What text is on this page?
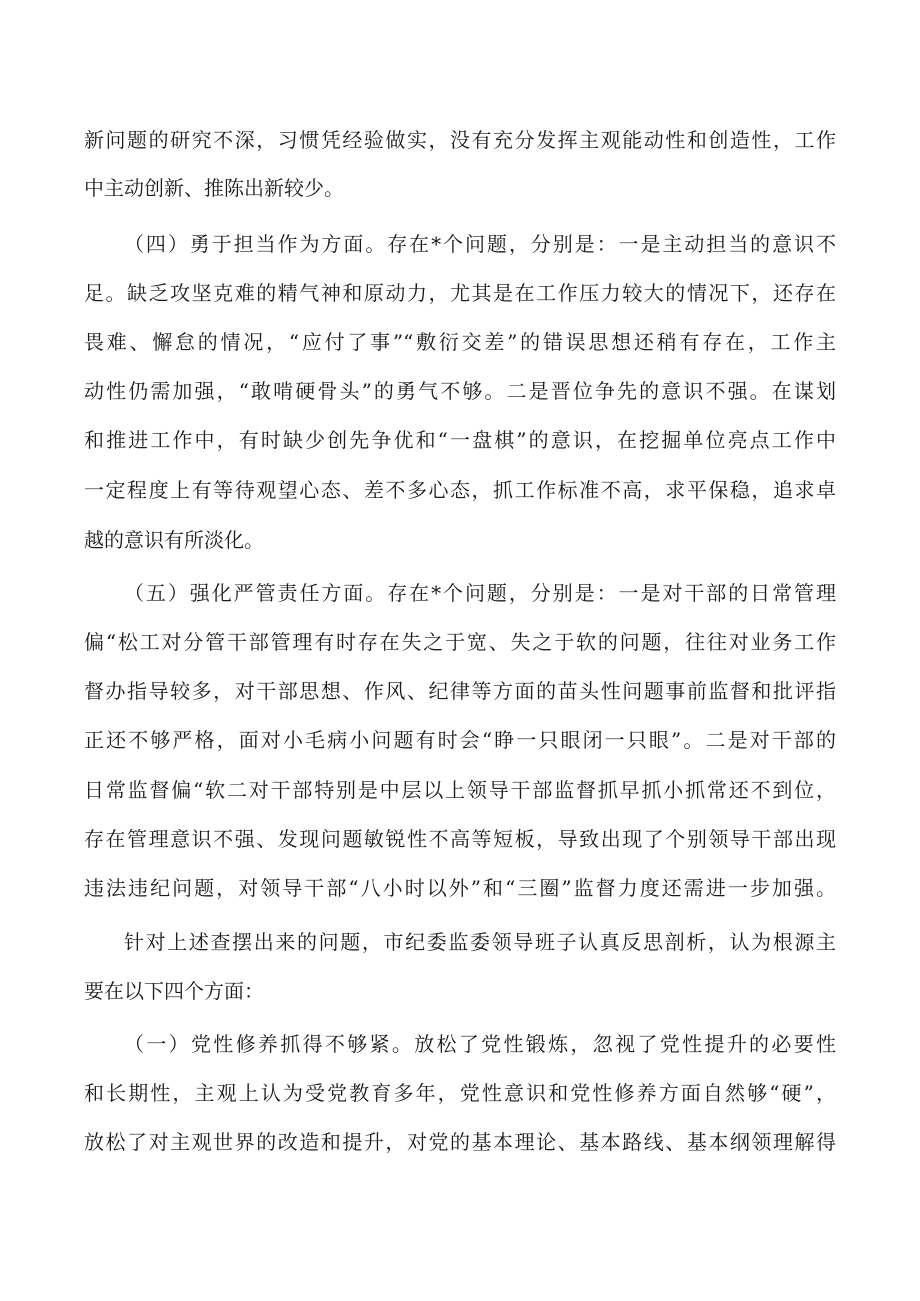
新问题的研究不深，习惯凭经验做实，没有充分发挥主观能动性和创造性，工作
中主动创新、推陈出新较少。
（四）勇于担当作为方面。存在*个问题，分别是：一是主动担当的意识不
足。缺乏攻坚克难的精气神和原动力，尤其是在工作压力较大的情况下，还存在
畏难、懈怠的情况，“应付了事”“敷衍交差”的错误思想还稍有存在，工作主
动性仍需加强，“敢啃硬骨头”的勇气不够。二是晋位争先的意识不强。在谋划
和推进工作中，有时缺少创先争优和“一盘棋”的意识，在挖掘单位亮点工作中
一定程度上有等待观望心态、差不多心态，抓工作标准不高，求平保稳，追求卓
越的意识有所淡化。
（五）强化严管责任方面。存在*个问题，分别是：一是对干部的日常管理
偏“松工对分管干部管理有时存在失之于宽、失之于软的问题，往往对业务工作
督办指导较多，对干部思想、作风、纪律等方面的苗头性问题事前监督和批评指
正还不够严格，面对小毛病小问题有时会“睁一只眼闭一只眼”。二是对干部的
日常监督偏“软二对干部特别是中层以上领导干部监督抓早抓小抓常还不到位，
存在管理意识不强、发现问题敏锐性不高等短板，导致出现了个别领导干部出现
违法违纪问题，对领导干部“八小时以外”和“三圈”监督力度还需进一步加强。
针对上述查摆出来的问题，市纪委监委领导班子认真反思剖析，认为根源主
要在以下四个方面：
（一）党性修养抓得不够紧。放松了党性锻炼，忽视了党性提升的必要性
和长期性，主观上认为受党教育多年，党性意识和党性修养方面自然够“硬”，
放松了对主观世界的改造和提升，对党的基本理论、基本路线、基本纲领理解得
